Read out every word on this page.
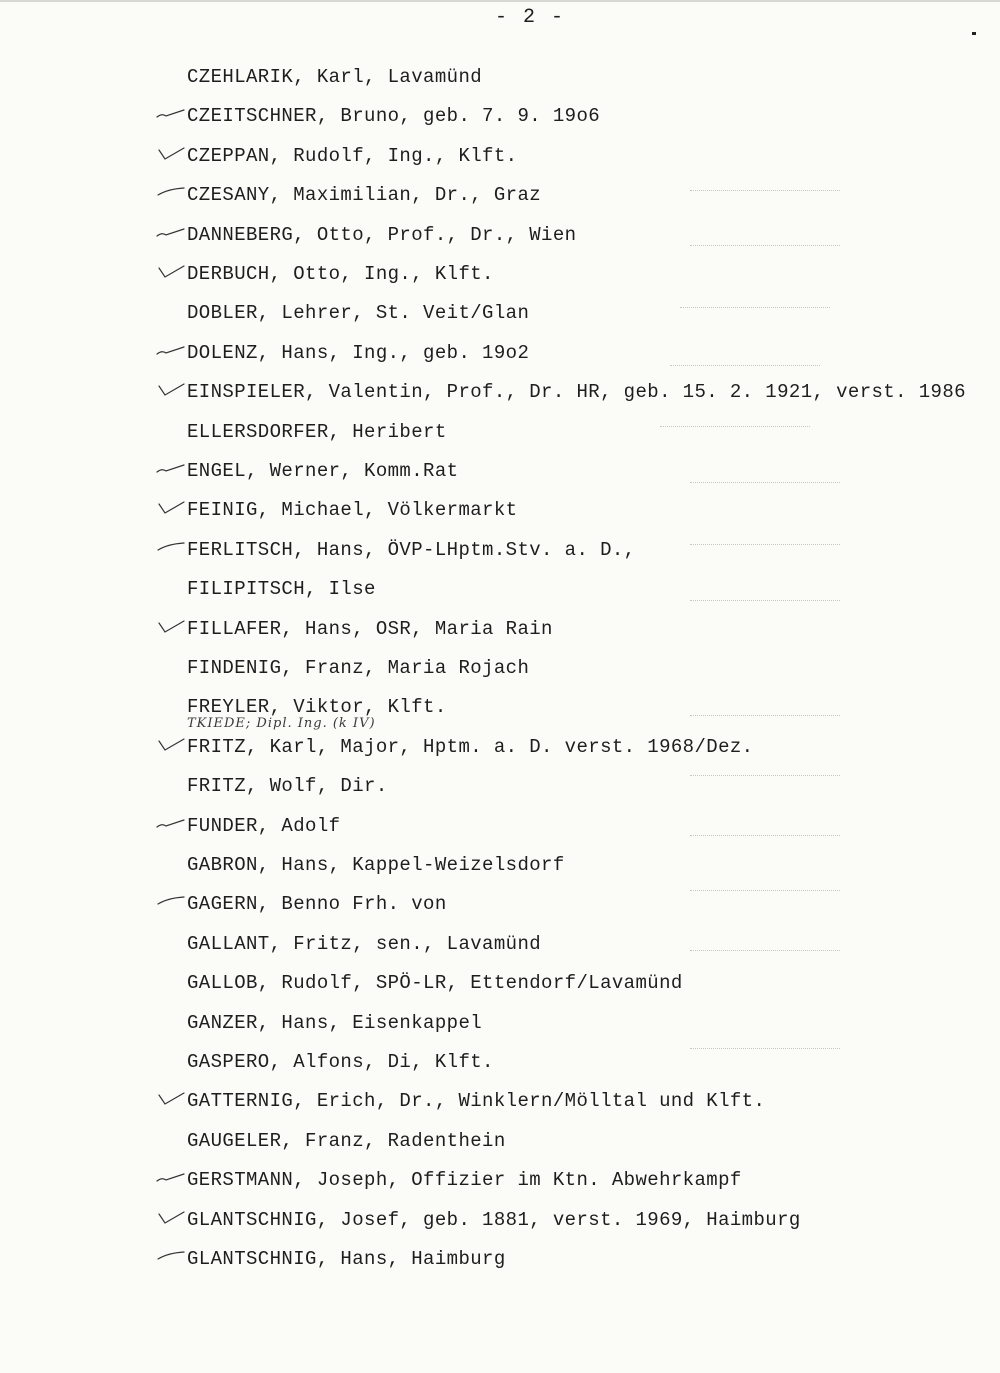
- 2 -
CZEHLARIK, Karl, Lavamünd
CZEITSCHNER, Bruno, geb. 7. 9. 19o6
CZEPPAN, Rudolf, Ing., Klft.
CZESANY, Maximilian, Dr., Graz
DANNEBERG, Otto, Prof., Dr., Wien
DERBUCH, Otto, Ing., Klft.
DOBLER, Lehrer, St. Veit/Glan
DOLENZ, Hans, Ing., geb. 19o2
EINSPIELER, Valentin, Prof., Dr. HR, geb. 15. 2. 1921, verst. 1986
ELLERSDORFER, Heribert
ENGEL, Werner, Komm.Rat
FEINIG, Michael, Völkermarkt
FERLITSCH, Hans, ÖVP-LHptm.Stv. a. D.,
FILIPITSCH, Ilse
FILLAFER, Hans, OSR, Maria Rain
FINDENIG, Franz, Maria Rojach
FREYLER, Viktor, Klft.
FRITZ, Karl, Major, Hptm. a. D. verst. 1968/Dez.
FRITZ, Wolf, Dir.
FUNDER, Adolf
GABRON, Hans, Kappel-Weizelsdorf
GAGERN, Benno Frh. von
GALLANT, Fritz, sen., Lavamünd
GALLOB, Rudolf, SPÖ-LR, Ettendorf/Lavamünd
GANZER, Hans, Eisenkappel
GASPERO, Alfons, Di, Klft.
GATTERNIG, Erich, Dr., Winklern/Mölltal und Klft.
GAUGELER, Franz, Radenthein
GERSTMANN, Joseph, Offizier im Ktn. Abwehrkampf
GLANTSCHNIG, Josef, geb. 1881, verst. 1969, Haimburg
GLANTSCHNIG, Hans, Haimburg
TKIEDE; Dipl. Ing. (k IV)
